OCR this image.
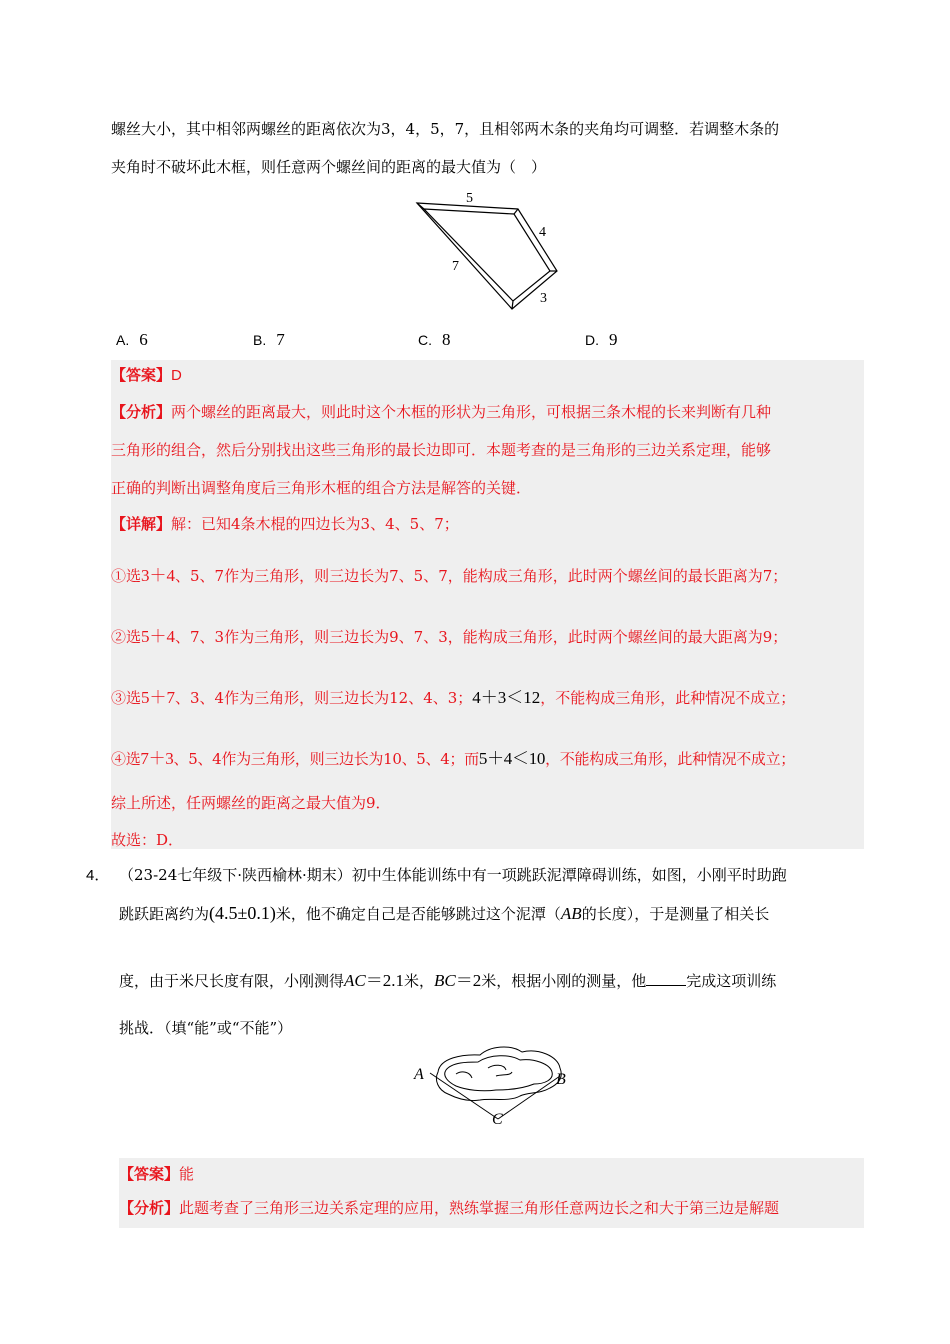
螺丝大小，其中相邻两螺丝的距离依次为3，4，5，7，且相邻两木条的夹角均可调整．若调整木条的
夹角时不破坏此木框，则任意两个螺丝间的距离的最大值为（　）
5
4
7
3
A. 6	B. 7	C. 8	D. 9
【答案】D
【分析】两个螺丝的距离最大，则此时这个木框的形状为三角形，可根据三条木棍的长来判断有几种
三角形的组合，然后分别找出这些三角形的最长边即可．本题考查的是三角形的三边关系定理，能够
正确的判断出调整角度后三角形木框的组合方法是解答的关键．
【详解】解：已知4条木棍的四边长为3、4、5、7；
①选3＋4、5、7作为三角形，则三边长为7、5、7，能构成三角形，此时两个螺丝间的最长距离为7；
②选5＋4、7、3作为三角形，则三边长为9、7、3，能构成三角形，此时两个螺丝间的最大距离为9；
③选5＋7、3、4作为三角形，则三边长为12、4、3；4＋3＜12，不能构成三角形，此种情况不成立；
④选7＋3、5、4作为三角形，则三边长为10、5、4；而5＋4＜10，不能构成三角形，此种情况不成立；
综上所述，任两螺丝的距离之最大值为9．
故选：D．
4． （23-24七年级下·陕西榆林·期末）初中生体能训练中有一项跳跃泥潭障碍训练，如图，小刚平时助跑
跳跃距离约为(4.5±0.1)米，他不确定自己是否能够跳过这个泥潭（AB的长度），于是测量了相关长
度，由于米尺长度有限，小刚测得AC＝2.1米，BC＝2米，根据小刚的测量，他	完成这项训练
挑战．（填“能”或“不能”）
A	B
C
【答案】能
【分析】此题考查了三角形三边关系定理的应用，熟练掌握三角形任意两边长之和大于第三边是解题
